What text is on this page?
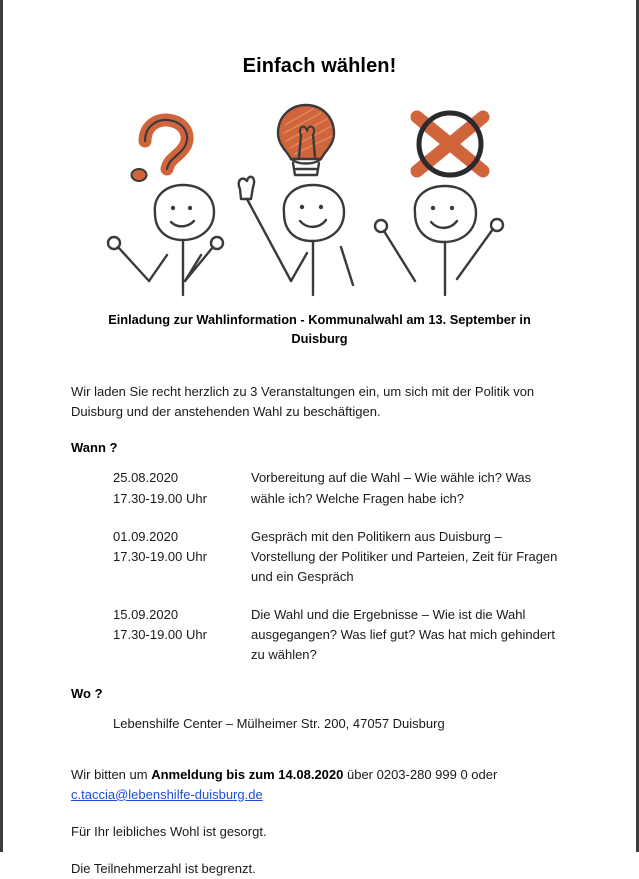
Einfach wählen!
Einladung zur Wahlinformation - Kommunalwahl am 13. September in Duisburg

Wir laden Sie recht herzlich zu 3 Veranstaltungen ein, um sich mit der Politik von Duisburg und der anstehenden Wahl zu beschäftigen.

Wann ?
25.08.2020
17.30-19.00 Uhr
Vorbereitung auf die Wahl – Wie wähle ich? Was wähle ich? Welche Fragen habe ich?
01.09.2020
17.30-19.00 Uhr
Gespräch mit den Politikern aus Duisburg – Vorstellung der Politiker und Parteien, Zeit für Fragen und ein Gespräch
15.09.2020
17.30-19.00 Uhr
Die Wahl und die Ergebnisse – Wie ist die Wahl ausgegangen? Was lief gut? Was hat mich gehindert zu wählen?
Wo ?
Lebenshilfe Center – Mülheimer Str. 200, 47057 Duisburg

Wir bitten um Anmeldung bis zum 14.08.2020 über 0203-280 999 0 oder c.taccia@lebenshilfe-duisburg.de

Für Ihr leibliches Wohl ist gesorgt.

Die Teilnehmerzahl ist begrenzt.
